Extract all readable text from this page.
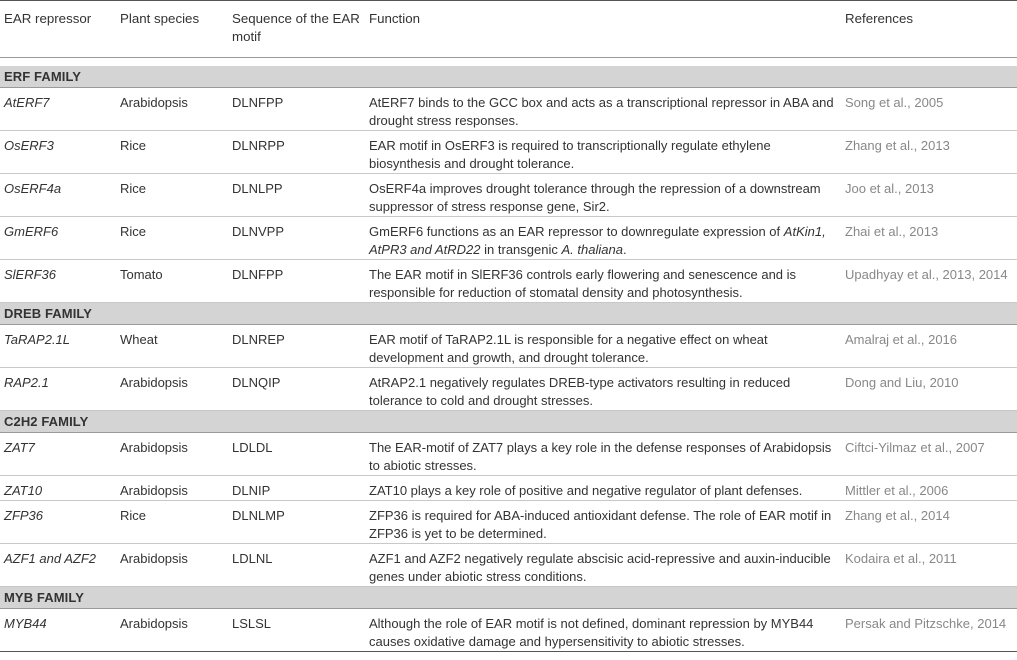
EAR repressor	Plant species	Sequence of the EAR motif	Function	References

ERF FAMILY				
AtERF7	Arabidopsis	DLNFPP	AtERF7 binds to the GCC box and acts as a transcriptional repressor in ABA and drought stress responses.	Song et al., 2005
OsERF3	Rice	DLNRPP	EAR motif in OsERF3 is required to transcriptionally regulate ethylene biosynthesis and drought tolerance.	Zhang et al., 2013
OsERF4a	Rice	DLNLPP	OsERF4a improves drought tolerance through the repression of a downstream suppressor of stress response gene, Sir2.	Joo et al., 2013
GmERF6	Rice	DLNVPP	GmERF6 functions as an EAR repressor to downregulate expression of AtKin1, AtPR3 and AtRD22 in transgenic A. thaliana.	Zhai et al., 2013
SlERF36	Tomato	DLNFPP	The EAR motif in SlERF36 controls early flowering and senescence and is responsible for reduction of stomatal density and photosynthesis.	Upadhyay et al., 2013, 2014
DREB FAMILY				
TaRAP2.1L	Wheat	DLNREP	EAR motif of TaRAP2.1L is responsible for a negative effect on wheat development and growth, and drought tolerance.	Amalraj et al., 2016
RAP2.1	Arabidopsis	DLNQIP	AtRAP2.1 negatively regulates DREB-type activators resulting in reduced tolerance to cold and drought stresses.	Dong and Liu, 2010
C2H2 FAMILY				
ZAT7	Arabidopsis	LDLDL	The EAR-motif of ZAT7 plays a key role in the defense responses of Arabidopsis to abiotic stresses.	Ciftci-Yilmaz et al., 2007
ZAT10	Arabidopsis	DLNIP	ZAT10 plays a key role of positive and negative regulator of plant defenses.	Mittler et al., 2006
ZFP36	Rice	DLNLMP	ZFP36 is required for ABA-induced antioxidant defense. The role of EAR motif in ZFP36 is yet to be determined.	Zhang et al., 2014
AZF1 and AZF2	Arabidopsis	LDLNL	AZF1 and AZF2 negatively regulate abscisic acid-repressive and auxin-inducible genes under abiotic stress conditions.	Kodaira et al., 2011
MYB FAMILY				
MYB44	Arabidopsis	LSLSL	Although the role of EAR motif is not defined, dominant repression by MYB44 causes oxidative damage and hypersensitivity to abiotic stresses.	Persak and Pitzschke, 2014
